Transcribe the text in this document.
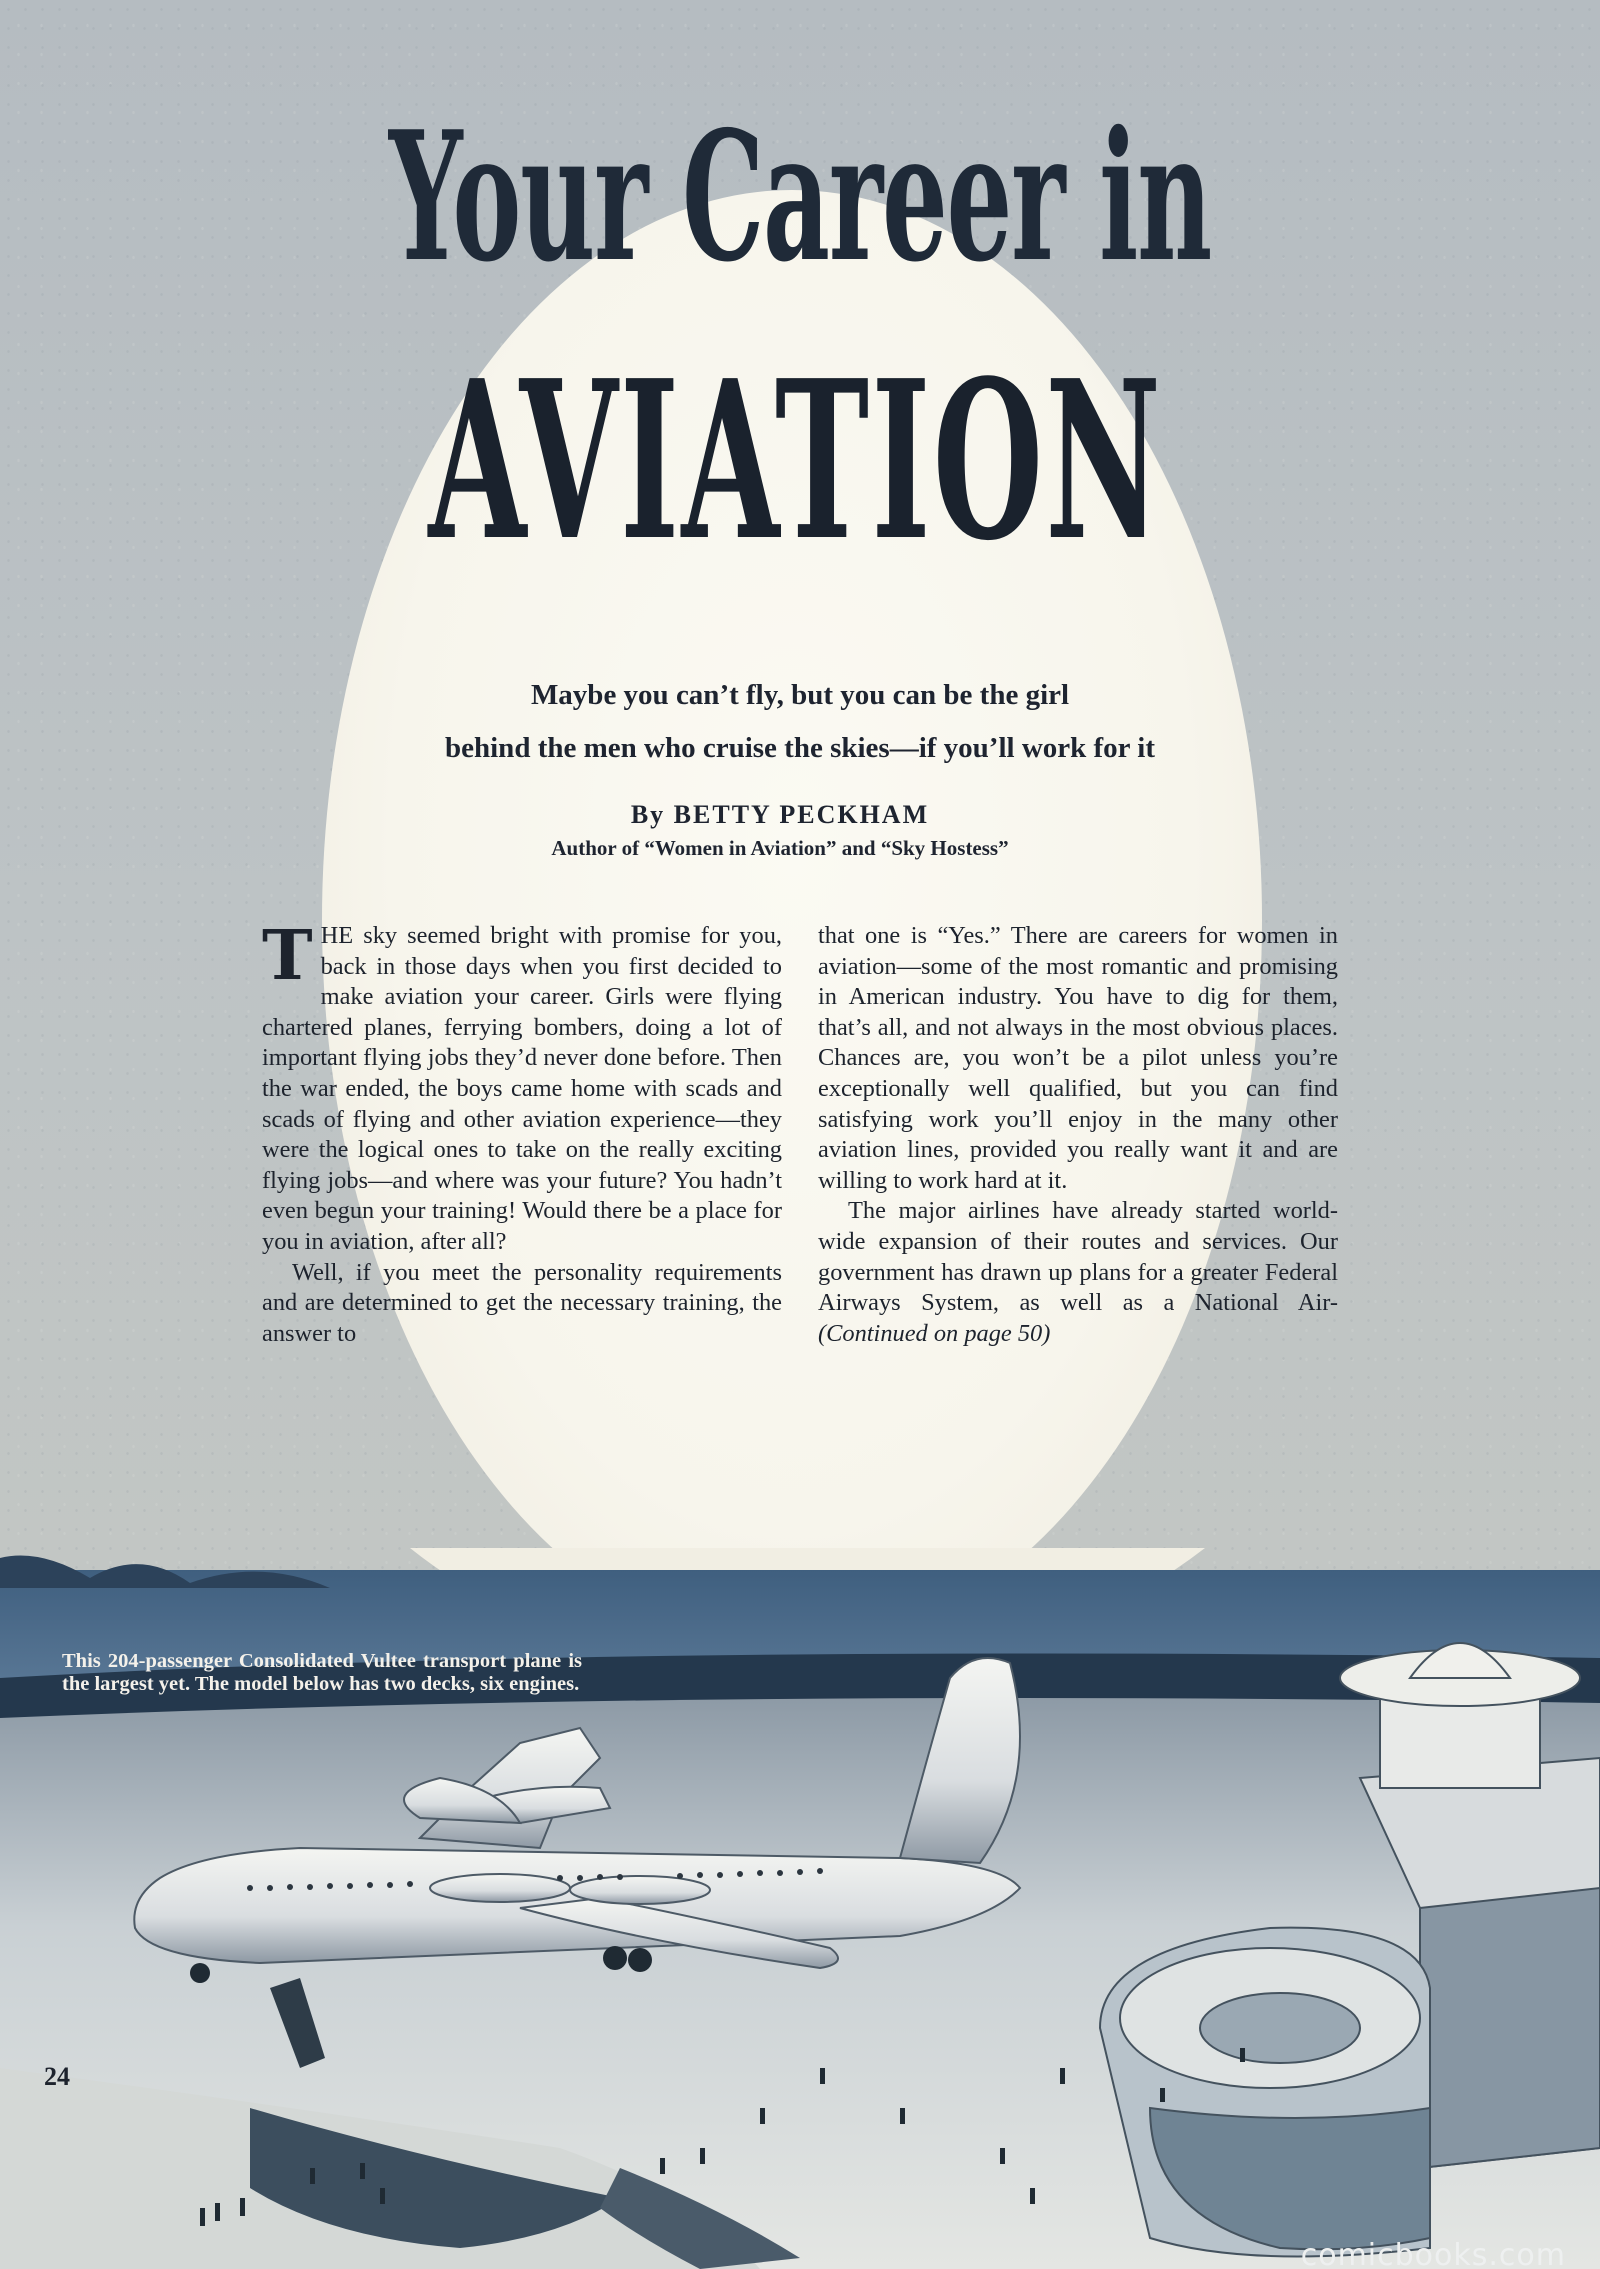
Your Career in
AVIATION
Maybe you can’t fly, but you can be the girl
behind the men who cruise the skies—if you’ll work for it
By BETTY PECKHAM
Author of “Women in Aviation” and “Sky Hostess”

THE sky seemed bright with promise for you, back in those days when you first decided to make aviation your career. Girls were flying chartered planes, ferrying bombers, doing a lot of important flying jobs they’d never done before. Then the war ended, the boys came home with scads and scads of flying and other aviation experience—they were the logical ones to take on the really exciting flying jobs—and where was your future? You hadn’t even begun your training! Would there be a place for you in aviation, after all?

Well, if you meet the personality requirements and are determined to get the necessary training, the answer to

that one is “Yes.” There are careers for women in aviation—some of the most romantic and promising in American industry. You have to dig for them, that’s all, and not always in the most obvious places. Chances are, you won’t be a pilot unless you’re exceptionally well qualified, but you can find satisfying work you’ll enjoy in the many other aviation lines, provided you really want it and are willing to work hard at it.

The major airlines have already started world-wide expansion of their routes and services. Our government has drawn up plans for a greater Federal Airways System, as well as a National Air- (Continued on page 50)

This 204-passenger Consolidated Vultee transport plane is the largest yet. The model below has two decks, six engines.
24
comicbooks.com
